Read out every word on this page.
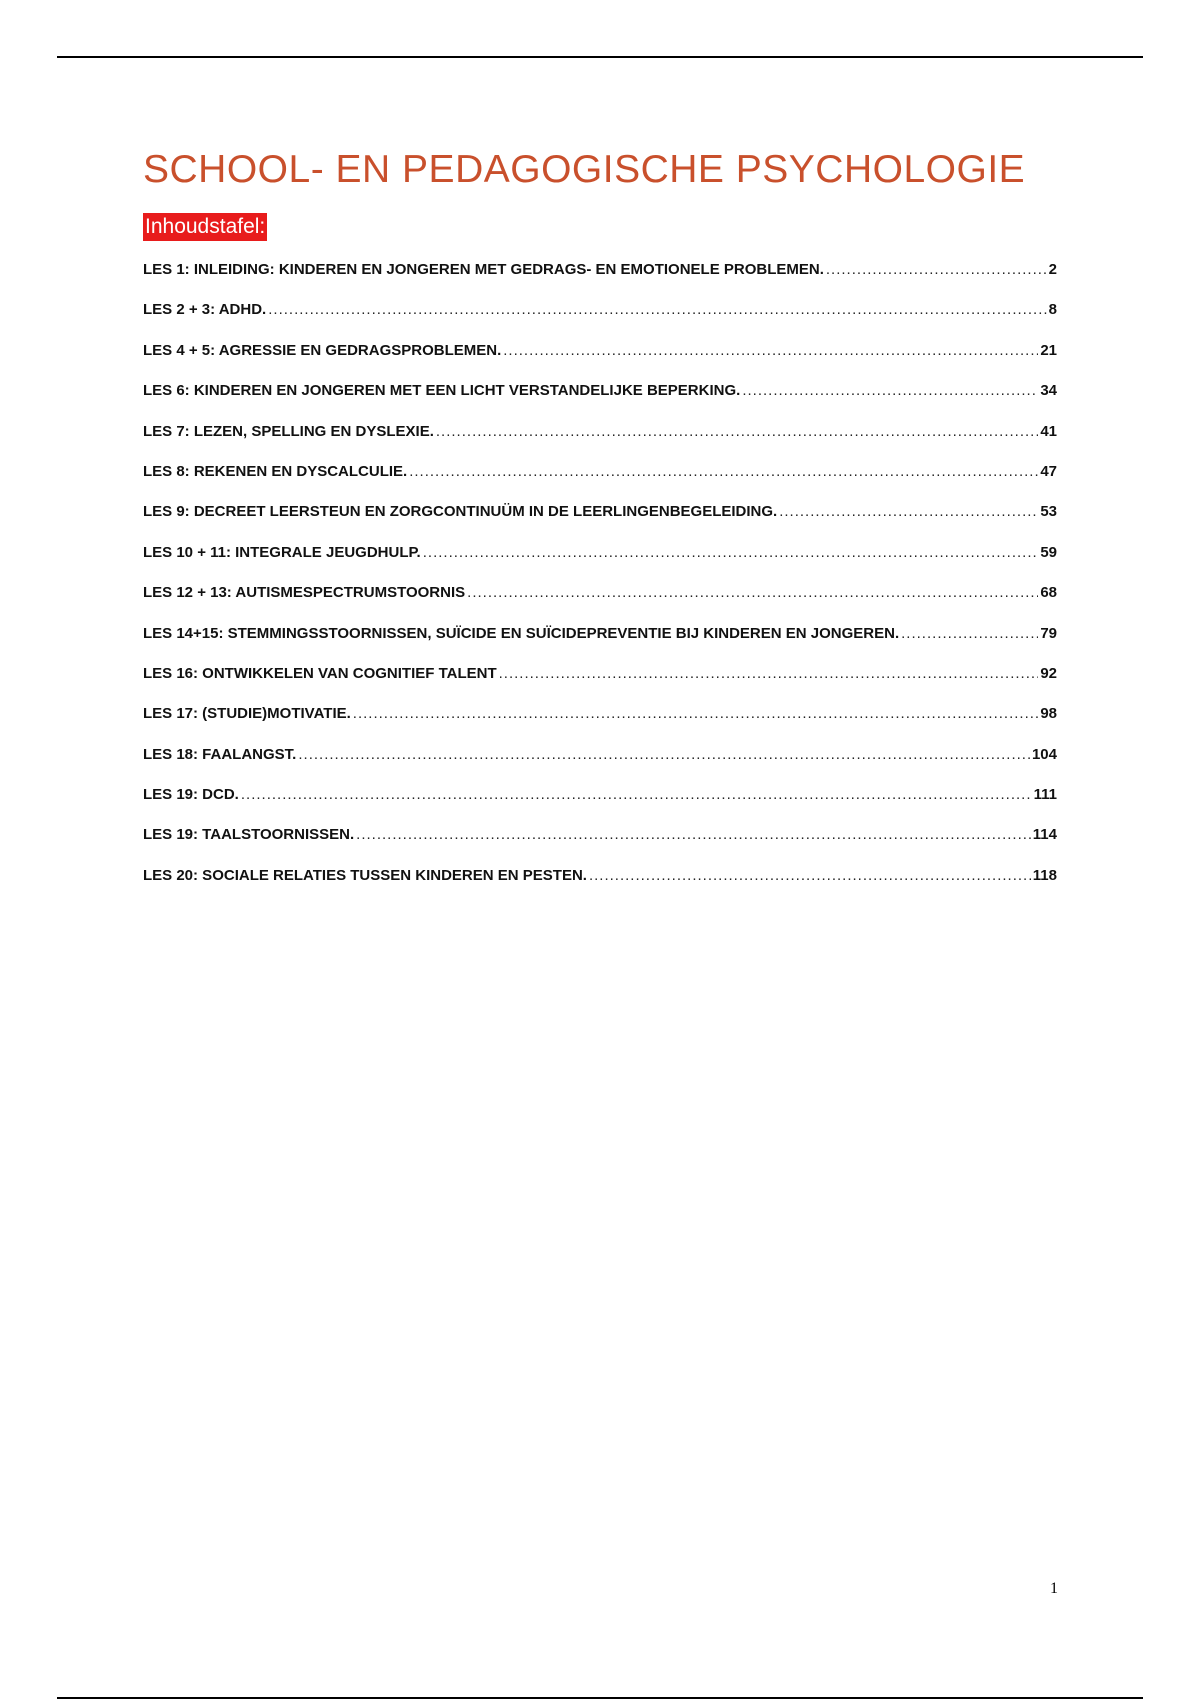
SCHOOL- EN PEDAGOGISCHE PSYCHOLOGIE
Inhoudstafel:
LES 1: INLEIDING: KINDEREN EN JONGEREN MET GEDRAGS- EN EMOTIONELE PROBLEMEN. .....	2
LES 2 + 3: ADHD. .....	8
LES 4 + 5: AGRESSIE EN GEDRAGSPROBLEMEN. .....	21
LES 6: KINDEREN EN JONGEREN MET EEN LICHT VERSTANDELIJKE BEPERKING. .....	34
LES 7: LEZEN, SPELLING EN DYSLEXIE. .....	41
LES 8: REKENEN EN DYSCALCULIE. .....	47
LES 9: DECREET LEERSTEUN EN ZORGCONTINUÜM IN DE LEERLINGENBEGELEIDING. .....	53
LES 10 + 11: INTEGRALE JEUGDHULP. .....	59
LES 12 + 13: AUTISMESPECTRUMSTOORNIS .....	68
LES 14+15: STEMMINGSSTOORNISSEN, SUÏCIDE EN SUÏCIDEPREVENTIE BIJ KINDEREN EN JONGEREN. .....	79
LES 16: ONTWIKKELEN VAN COGNITIEF TALENT .....	92
LES 17: (STUDIE)MOTIVATIE. .....	98
LES 18: FAALANGST. .....	104
LES 19: DCD. .....	111
LES 19: TAALSTOORNISSEN. .....	114
LES 20: SOCIALE RELATIES TUSSEN KINDEREN EN PESTEN. .....	118
1
